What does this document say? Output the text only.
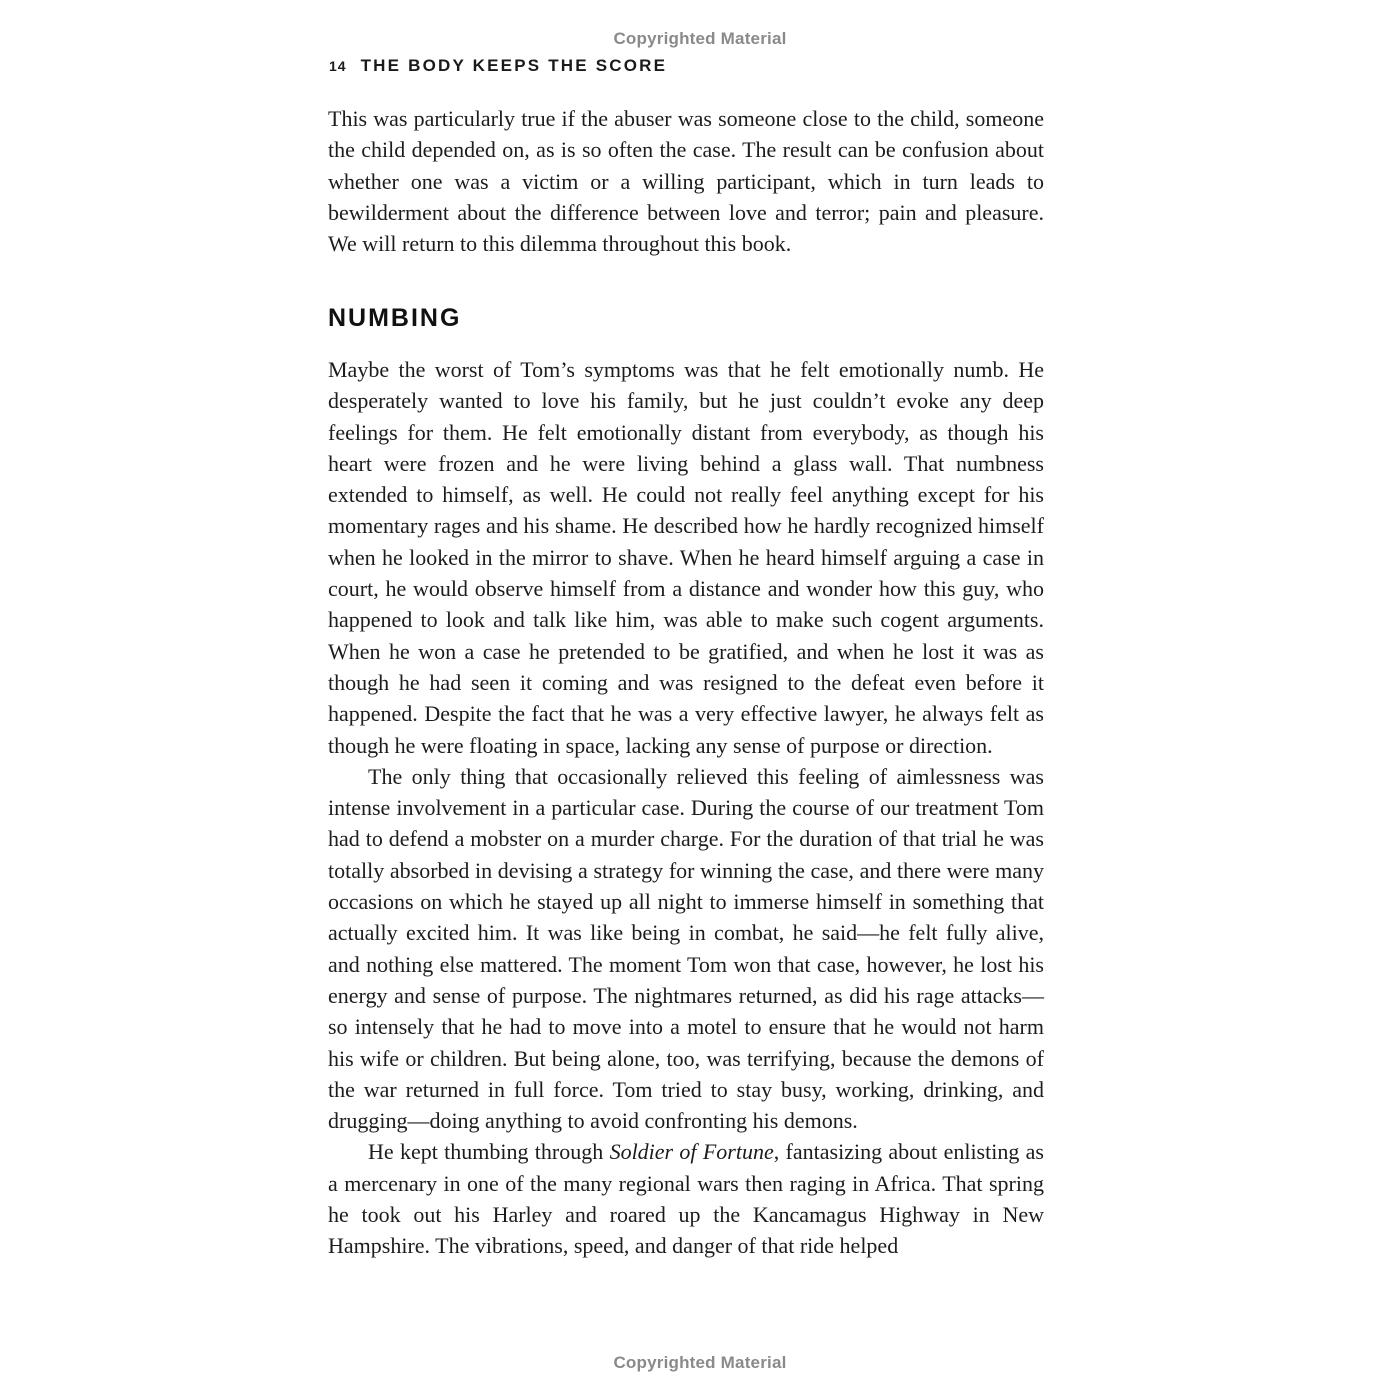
Copyrighted Material
14 THE BODY KEEPS THE SCORE

This was particularly true if the abuser was someone close to the child, someone the child depended on, as is so often the case. The result can be confusion about whether one was a victim or a willing participant, which in turn leads to bewilderment about the difference between love and terror; pain and pleasure. We will return to this dilemma throughout this book.

NUMBING

Maybe the worst of Tom’s symptoms was that he felt emotionally numb. He desperately wanted to love his family, but he just couldn’t evoke any deep feelings for them. He felt emotionally distant from everybody, as though his heart were frozen and he were living behind a glass wall. That numbness extended to himself, as well. He could not really feel anything except for his momentary rages and his shame. He described how he hardly recognized himself when he looked in the mirror to shave. When he heard himself arguing a case in court, he would observe himself from a distance and wonder how this guy, who happened to look and talk like him, was able to make such cogent arguments. When he won a case he pretended to be gratified, and when he lost it was as though he had seen it coming and was resigned to the defeat even before it happened. Despite the fact that he was a very effective lawyer, he always felt as though he were floating in space, lacking any sense of purpose or direction.

The only thing that occasionally relieved this feeling of aimlessness was intense involvement in a particular case. During the course of our treatment Tom had to defend a mobster on a murder charge. For the duration of that trial he was totally absorbed in devising a strategy for winning the case, and there were many occasions on which he stayed up all night to immerse himself in something that actually excited him. It was like being in combat, he said—he felt fully alive, and nothing else mattered. The moment Tom won that case, however, he lost his energy and sense of purpose. The nightmares returned, as did his rage attacks—so intensely that he had to move into a motel to ensure that he would not harm his wife or children. But being alone, too, was terrifying, because the demons of the war returned in full force. Tom tried to stay busy, working, drinking, and drugging—doing anything to avoid confronting his demons.

He kept thumbing through Soldier of Fortune, fantasizing about enlisting as a mercenary in one of the many regional wars then raging in Africa. That spring he took out his Harley and roared up the Kancamagus Highway in New Hampshire. The vibrations, speed, and danger of that ride helped

Copyrighted Material
